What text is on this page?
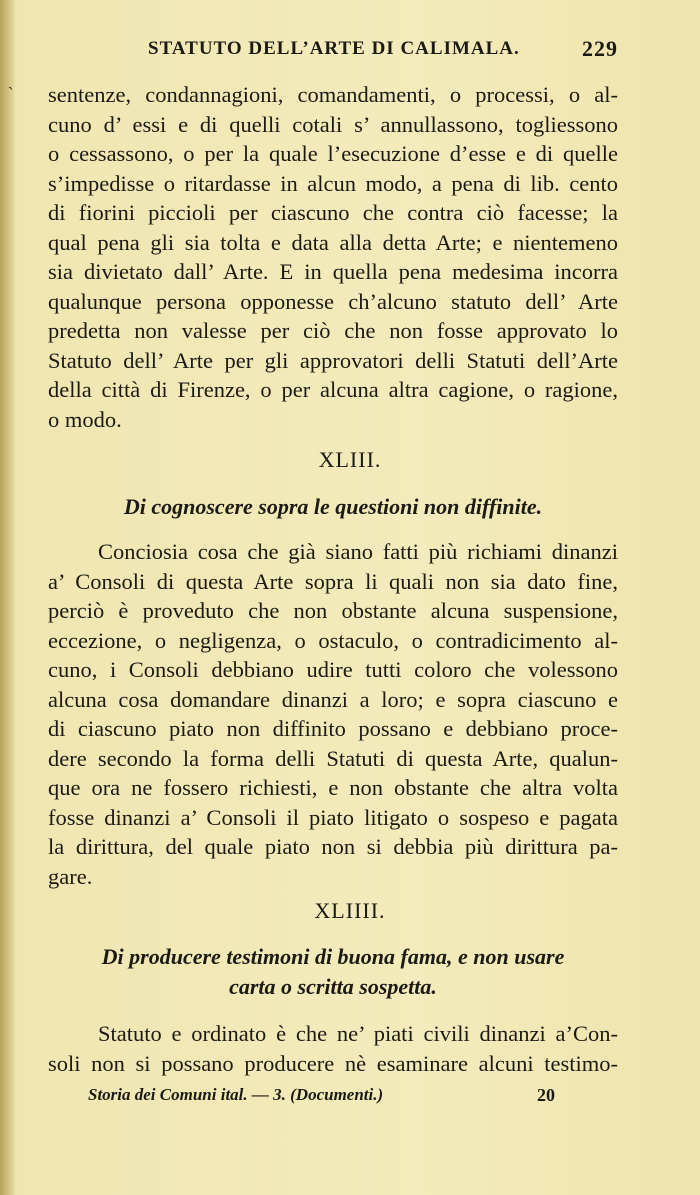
`
STATUTO DELL’ARTE DI CALIMALA.	229
sentenze, condannagioni, comandamenti, o processi, o al-
cuno d’ essi e di quelli cotali s’ annullassono, togliessono
o cessassono, o per la quale l’esecuzione d’esse e di quelle
s’impedisse o ritardasse in alcun modo, a pena di lib. cento
di fiorini piccioli per ciascuno che contra ciò facesse; la
qual pena gli sia tolta e data alla detta Arte; e nientemeno
sia divietato dall’ Arte. E in quella pena medesima incorra
qualunque persona opponesse ch’alcuno statuto dell’ Arte
predetta non valesse per ciò che non fosse approvato lo
Statuto dell’ Arte per gli approvatori delli Statuti dell’Arte
della città di Firenze, o per alcuna altra cagione, o ragione,
o modo.
XLIII.
Di cognoscere sopra le questioni non diffinite.
Conciosia cosa che già siano fatti più richiami dinanzi
a’ Consoli di questa Arte sopra li quali non sia dato fine,
perciò è proveduto che non obstante alcuna suspensione,
eccezione, o negligenza, o ostaculo, o contradicimento al-
cuno, i Consoli debbiano udire tutti coloro che volessono
alcuna cosa domandare dinanzi a loro; e sopra ciascuno e
di ciascuno piato non diffinito possano e debbiano proce-
dere secondo la forma delli Statuti di questa Arte, qualun-
que ora ne fossero richiesti, e non obstante che altra volta
fosse dinanzi a’ Consoli il piato litigato o sospeso e pagata
la dirittura, del quale piato non si debbia più dirittura pa-
gare.
XLIIII.
Di producere testimoni di buona fama, e non usare
carta o scritta sospetta.
Statuto e ordinato è che ne’ piati civili dinanzi a’Con-
soli non si possano producere nè esaminare alcuni testimo-
Storia dei Comuni ital. — 3. (Documenti.)	20
